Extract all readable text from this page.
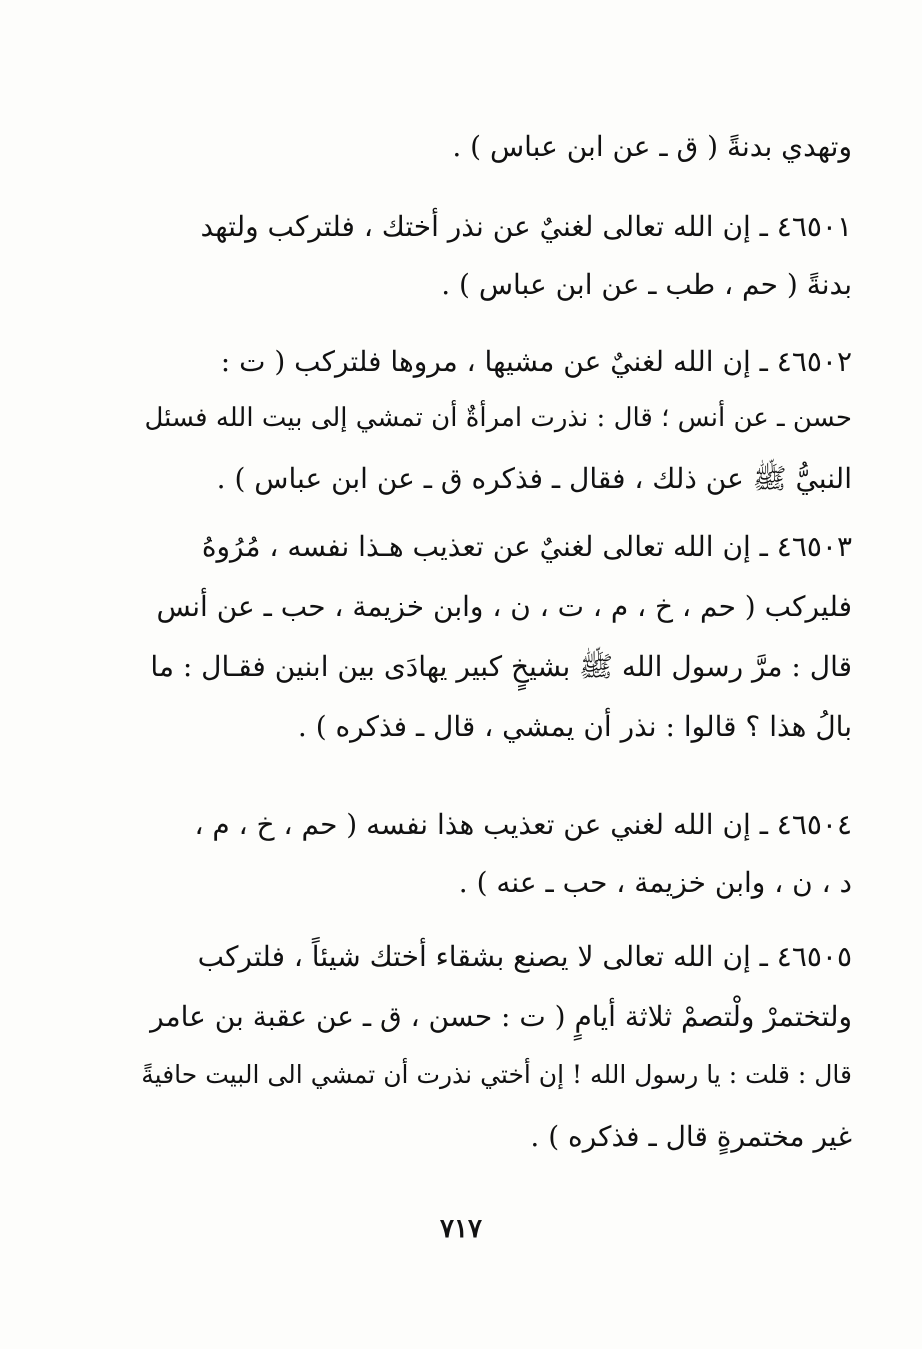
وتهدي بدنةً ( ق ـ عن ابن عباس ) .
٤٦٥٠١ ـ إن الله تعالى لغنيٌ عن نذر أختك ، فلتركب ولتهد
بدنةً ( حم ، طب ـ عن ابن عباس ) .
٤٦٥٠٢ ـ إن الله لغنيٌ عن مشيها ، مروها فلتركب ( ت :
حسن ـ عن أنس ؛ قال : نذرت امرأةٌ أن تمشي إلى بيت الله فسئل
النبيُّ ﷺ عن ذلك ، فقال ـ فذكره ق ـ عن ابن عباس ) .
٤٦٥٠٣ ـ إن الله تعالى لغنيٌ عن تعذيب هـذا نفسه ، مُرُوهُ
فليركب ( حم ، خ ، م ، ت ، ن ، وابن خزيمة ، حب ـ عن أنس
قال : مرَّ رسول الله ﷺ بشيخٍ كبير يهادَى بين ابنين فقـال : ما
بالُ هذا ؟ قالوا : نذر أن يمشي ، قال ـ فذكره ) .
٤٦٥٠٤ ـ إن الله لغني عن تعذيب هذا نفسه ( حم ، خ ، م ،
د ، ن ، وابن خزيمة ، حب ـ عنه ) .
٤٦٥٠٥ ـ إن الله تعالى لا يصنع بشقاء أختك شيئاً ، فلتركب
ولتختمرْ ولْتصمْ ثلاثة أيامٍ ( ت : حسن ، ق ـ عن عقبة بن عامر
قال : قلت : يا رسول الله ! إن أختي نذرت أن تمشي الى البيت حافيةً
غير مختمرةٍ قال ـ فذكره ) .
٧١٧
